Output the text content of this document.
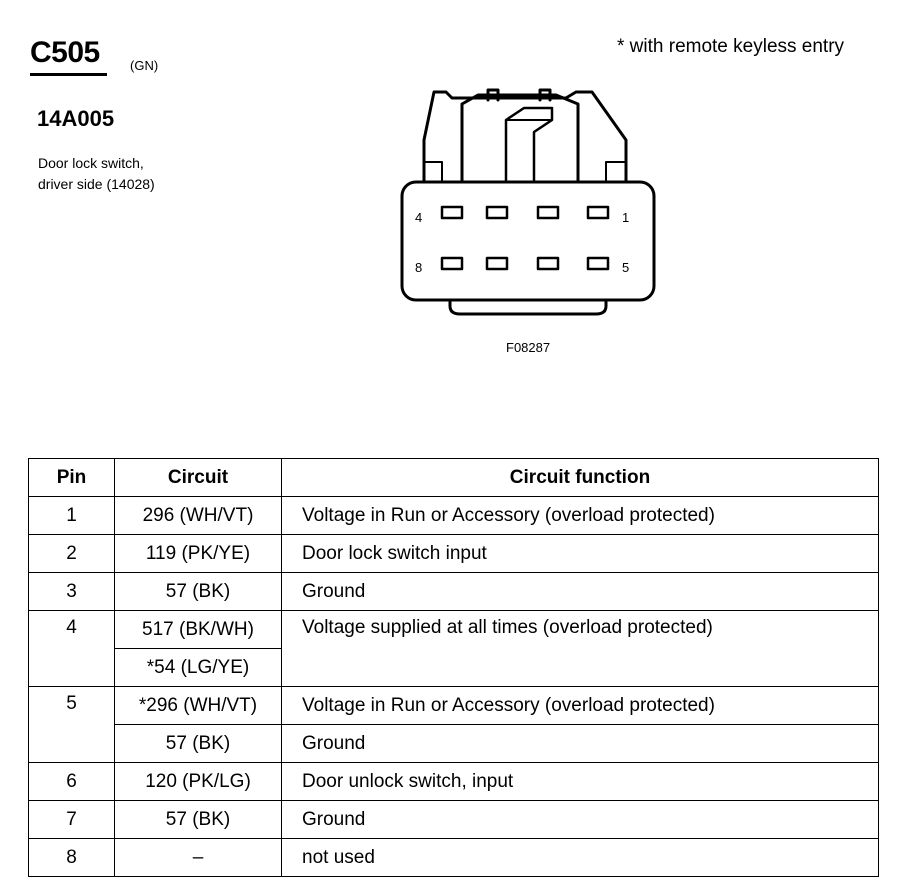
C505 (GN)
14A005
Door lock switch,
driver side (14028)
* with remote keyless entry
4	1
8	5
F08287
Pin	Circuit	Circuit function
1	296 (WH/VT)	Voltage in Run or Accessory (overload protected)
2	119 (PK/YE)	Door lock switch input
3	57 (BK)	Ground
4	517 (BK/WH)	Voltage supplied at all times (overload protected)
	*54 (LG/YE)	
5	*296 (WH/VT)	Voltage in Run or Accessory (overload protected)
	57 (BK)	Ground
6	120 (PK/LG)	Door unlock switch, input
7	57 (BK)	Ground
8	–	not used
